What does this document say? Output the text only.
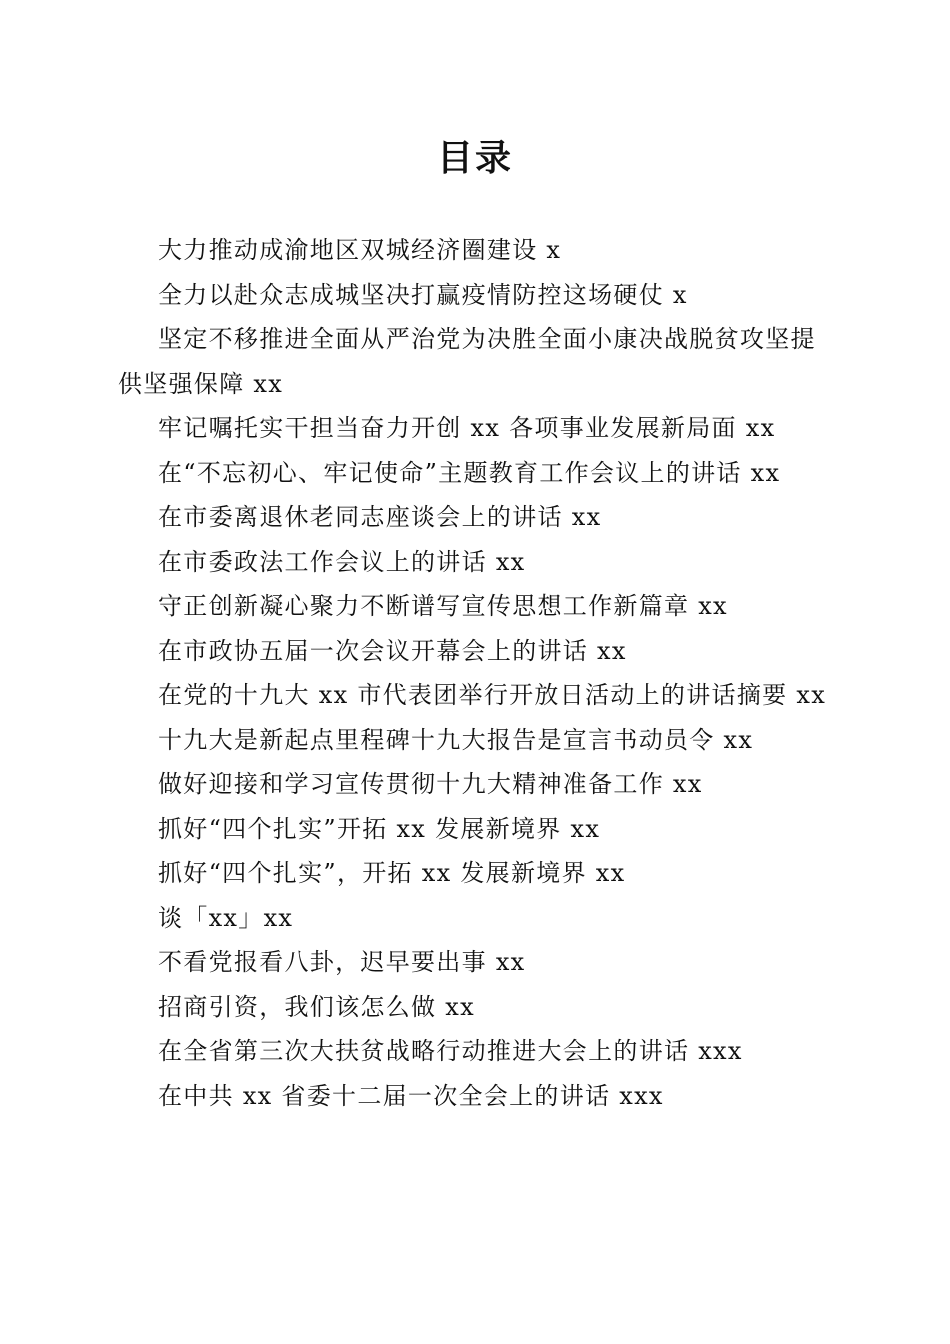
目录
大力推动成渝地区双城经济圈建设 x
全力以赴众志成城坚决打赢疫情防控这场硬仗 x
坚定不移推进全面从严治党为决胜全面小康决战脱贫攻坚提供坚强保障 xx
牢记嘱托实干担当奋力开创 xx 各项事业发展新局面 xx
在“不忘初心、牢记使命”主题教育工作会议上的讲话 xx
在市委离退休老同志座谈会上的讲话 xx
在市委政法工作会议上的讲话 xx
守正创新凝心聚力不断谱写宣传思想工作新篇章 xx
在市政协五届一次会议开幕会上的讲话 xx
在党的十九大 xx 市代表团举行开放日活动上的讲话摘要 xx
十九大是新起点里程碑十九大报告是宣言书动员令 xx
做好迎接和学习宣传贯彻十九大精神准备工作 xx
抓好“四个扎实”开拓 xx 发展新境界 xx
抓好“四个扎实”，开拓 xx 发展新境界 xx
谈「xx」xx
不看党报看八卦，迟早要出事 xx
招商引资，我们该怎么做 xx
在全省第三次大扶贫战略行动推进大会上的讲话 xxx
在中共 xx 省委十二届一次全会上的讲话 xxx
